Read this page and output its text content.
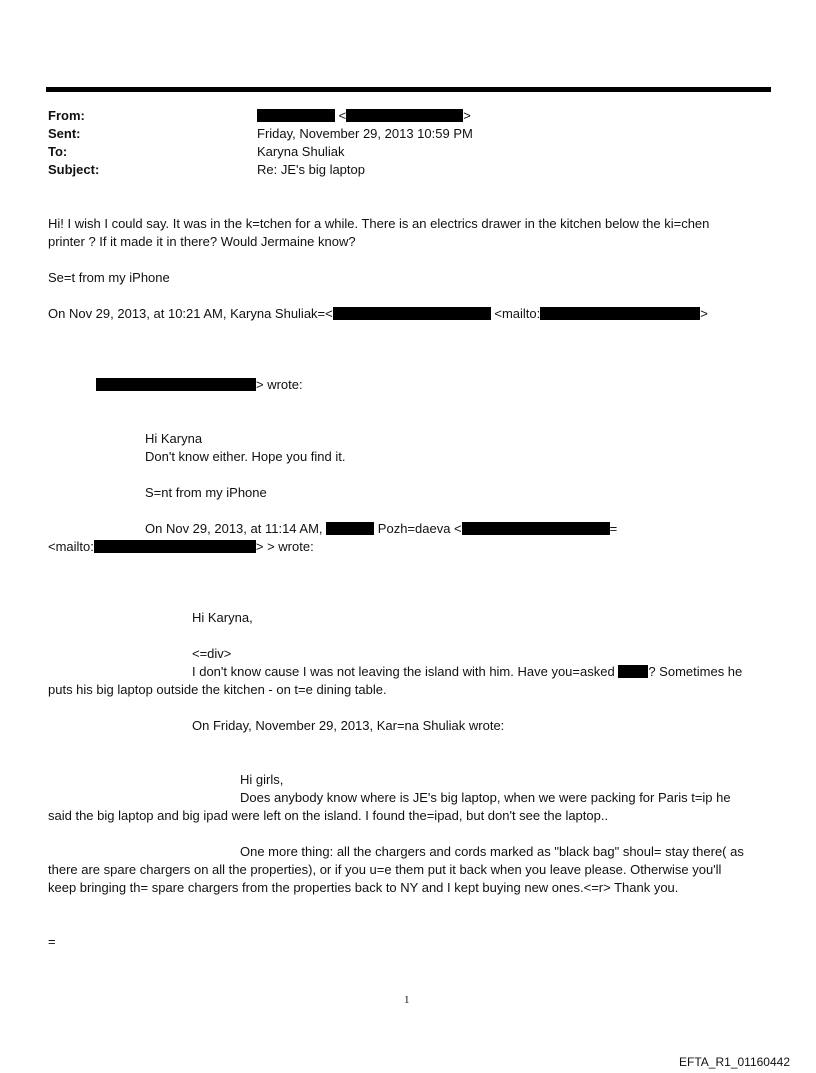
From:	<	>
Sent:	Friday, November 29, 2013 10:59 PM
To:	Karyna Shuliak
Subject:	Re: JE's big laptop
Hi! I wish I could say. It was in the k=tchen for a while. There is an electrics drawer in the kitchen below the ki=chen
printer ? If it made it in there? Would Jermaine know?
Se=t from my iPhone
On Nov 29, 2013, at 10:21 AM, Karyna Shuliak=<	<mailto:	>
> wrote:
Hi Karyna
Don't know either. Hope you find it.
S=nt from my iPhone
On Nov 29, 2013, at 11:14 AM,	Pozh=daeva <	=
<mailto:	> > wrote:
Hi Karyna,
<=div>
I don't know cause I was not leaving the island with him. Have you=asked	? Sometimes he
puts his big laptop outside the kitchen - on t=e dining table.
On Friday, November 29, 2013, Kar=na Shuliak wrote:
Hi girls,
Does anybody know where is JE's big laptop, when we were packing for Paris t=ip he
said the big laptop and big ipad were left on the island. I found the=ipad, but don't see the laptop..
One more thing: all the chargers and cords marked as "black bag" shoul= stay there( as
there are spare chargers on all the properties), or if you u=e them put it back when you leave please. Otherwise you'll
keep bringing th= spare chargers from the properties back to NY and I kept buying new ones.<=r> Thank you.
=
1
EFTA_R1_01160442
